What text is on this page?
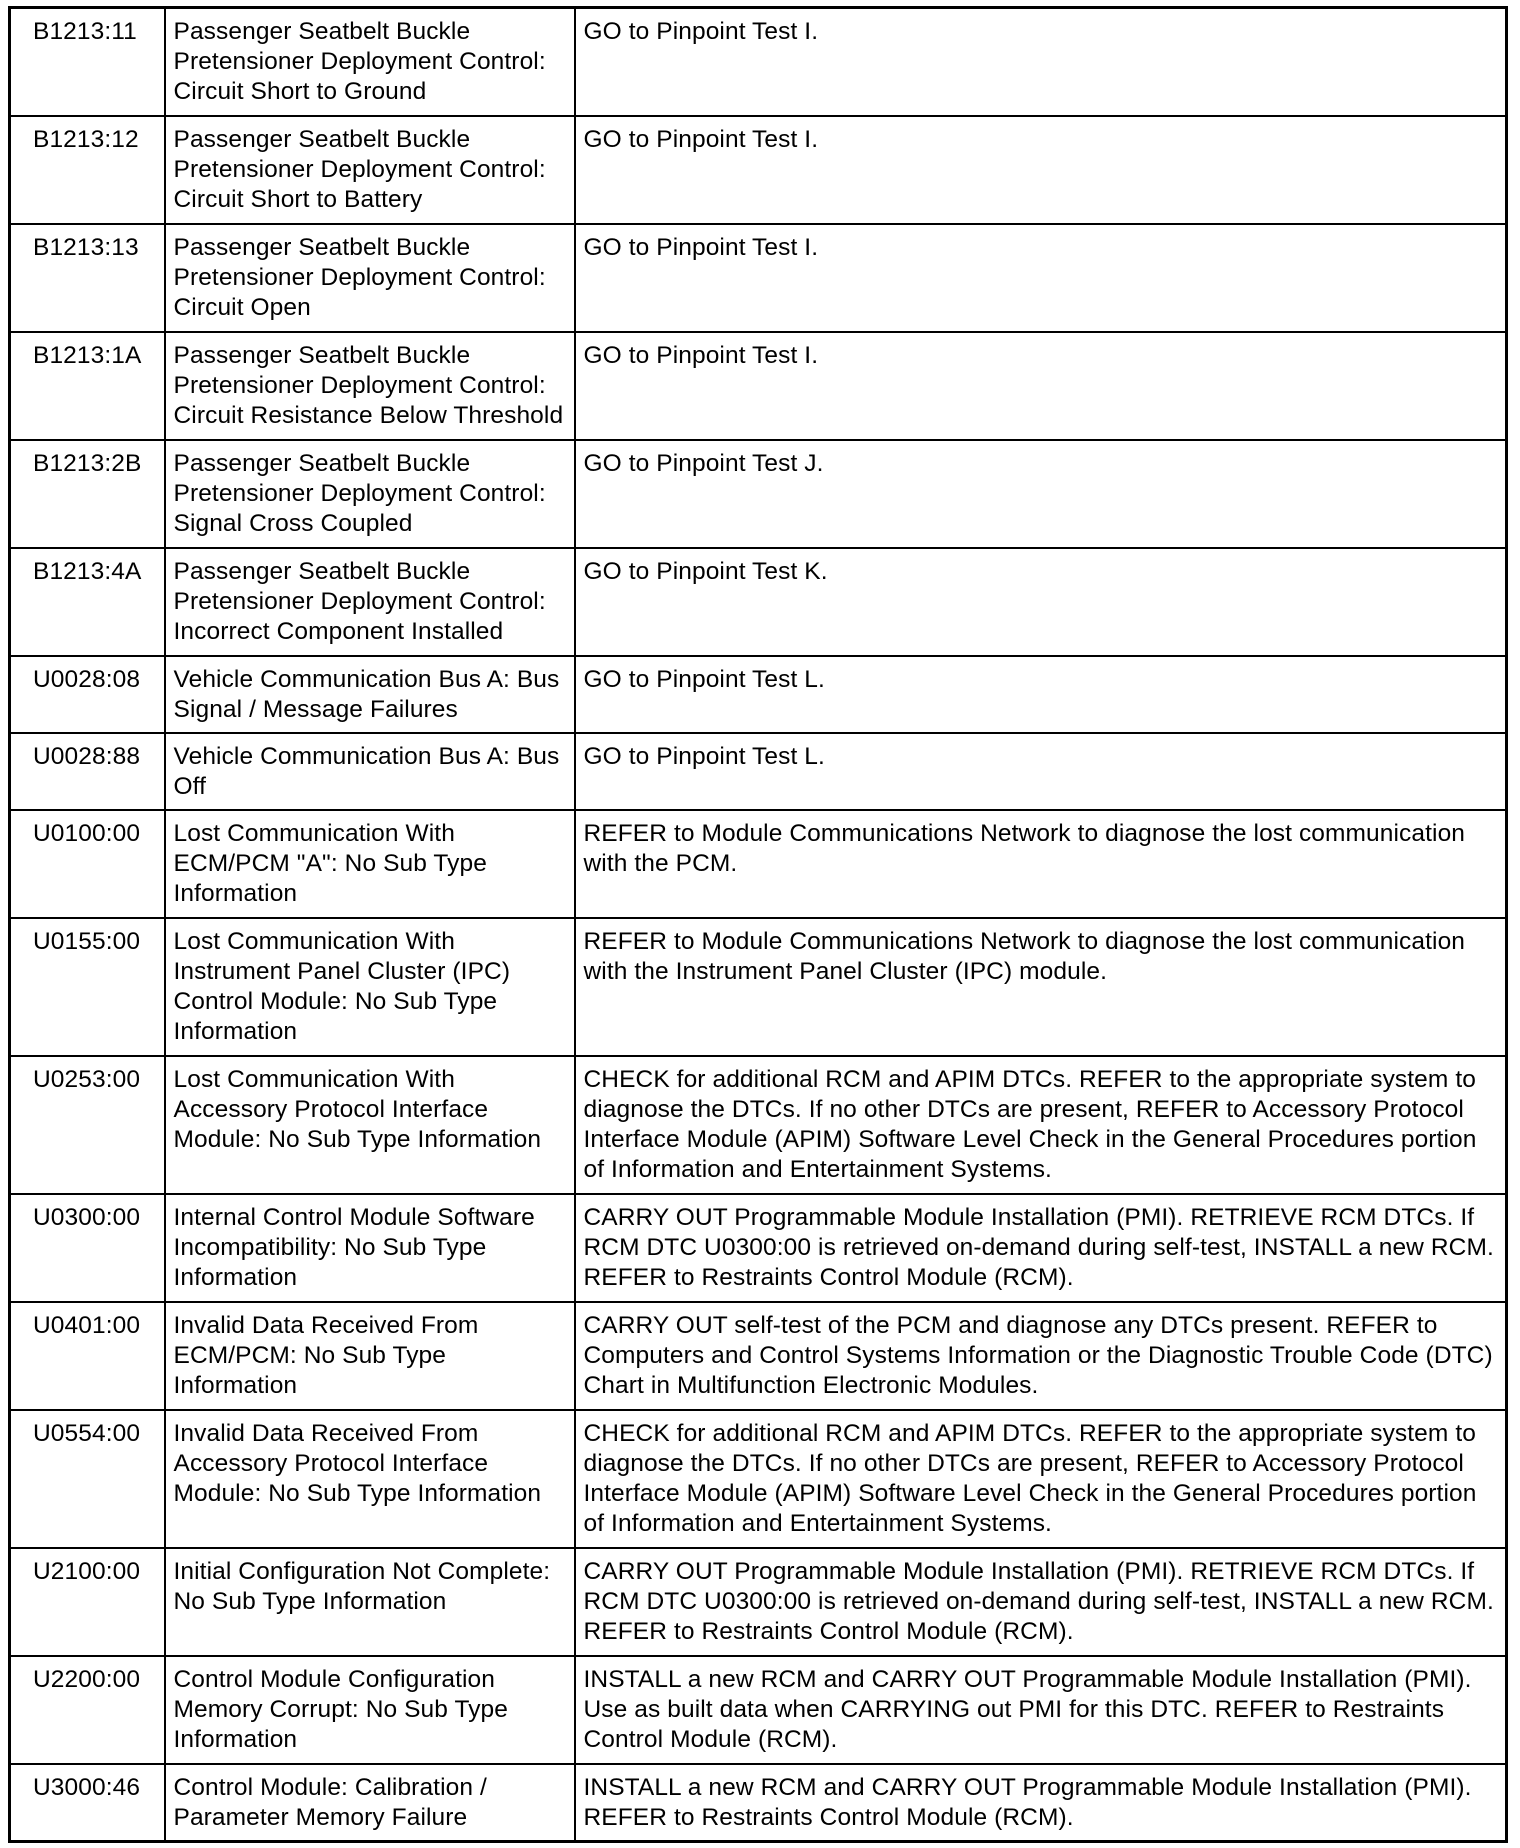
B1213:11	Passenger Seatbelt Buckle Pretensioner Deployment Control: Circuit Short to Ground	GO to Pinpoint Test I.
B1213:12	Passenger Seatbelt Buckle Pretensioner Deployment Control: Circuit Short to Battery	GO to Pinpoint Test I.
B1213:13	Passenger Seatbelt Buckle Pretensioner Deployment Control: Circuit Open	GO to Pinpoint Test I.
B1213:1A	Passenger Seatbelt Buckle Pretensioner Deployment Control: Circuit Resistance Below Threshold	GO to Pinpoint Test I.
B1213:2B	Passenger Seatbelt Buckle Pretensioner Deployment Control: Signal Cross Coupled	GO to Pinpoint Test J.
B1213:4A	Passenger Seatbelt Buckle Pretensioner Deployment Control: Incorrect Component Installed	GO to Pinpoint Test K.
U0028:08	Vehicle Communication Bus A: Bus Signal / Message Failures	GO to Pinpoint Test L.
U0028:88	Vehicle Communication Bus A: Bus Off	GO to Pinpoint Test L.
U0100:00	Lost Communication With ECM/PCM "A": No Sub Type Information	REFER to Module Communications Network to diagnose the lost communication with the PCM.
U0155:00	Lost Communication With Instrument Panel Cluster (IPC) Control Module: No Sub Type Information	REFER to Module Communications Network to diagnose the lost communication with the Instrument Panel Cluster (IPC) module.
U0253:00	Lost Communication With Accessory Protocol Interface Module: No Sub Type Information	CHECK for additional RCM and APIM DTCs. REFER to the appropriate system to diagnose the DTCs. If no other DTCs are present, REFER to Accessory Protocol Interface Module (APIM) Software Level Check in the General Procedures portion of Information and Entertainment Systems.
U0300:00	Internal Control Module Software Incompatibility: No Sub Type Information	CARRY OUT Programmable Module Installation (PMI). RETRIEVE RCM DTCs. If RCM DTC U0300:00 is retrieved on-demand during self-test, INSTALL a new RCM. REFER to Restraints Control Module (RCM).
U0401:00	Invalid Data Received From ECM/PCM: No Sub Type Information	CARRY OUT self-test of the PCM and diagnose any DTCs present. REFER to Computers and Control Systems Information or the Diagnostic Trouble Code (DTC) Chart in Multifunction Electronic Modules.
U0554:00	Invalid Data Received From Accessory Protocol Interface Module: No Sub Type Information	CHECK for additional RCM and APIM DTCs. REFER to the appropriate system to diagnose the DTCs. If no other DTCs are present, REFER to Accessory Protocol Interface Module (APIM) Software Level Check in the General Procedures portion of Information and Entertainment Systems.
U2100:00	Initial Configuration Not Complete: No Sub Type Information	CARRY OUT Programmable Module Installation (PMI). RETRIEVE RCM DTCs. If RCM DTC U0300:00 is retrieved on-demand during self-test, INSTALL a new RCM. REFER to Restraints Control Module (RCM).
U2200:00	Control Module Configuration Memory Corrupt: No Sub Type Information	INSTALL a new RCM and CARRY OUT Programmable Module Installation (PMI). Use as built data when CARRYING out PMI for this DTC. REFER to Restraints Control Module (RCM).
U3000:46	Control Module: Calibration / Parameter Memory Failure	INSTALL a new RCM and CARRY OUT Programmable Module Installation (PMI). REFER to Restraints Control Module (RCM).
